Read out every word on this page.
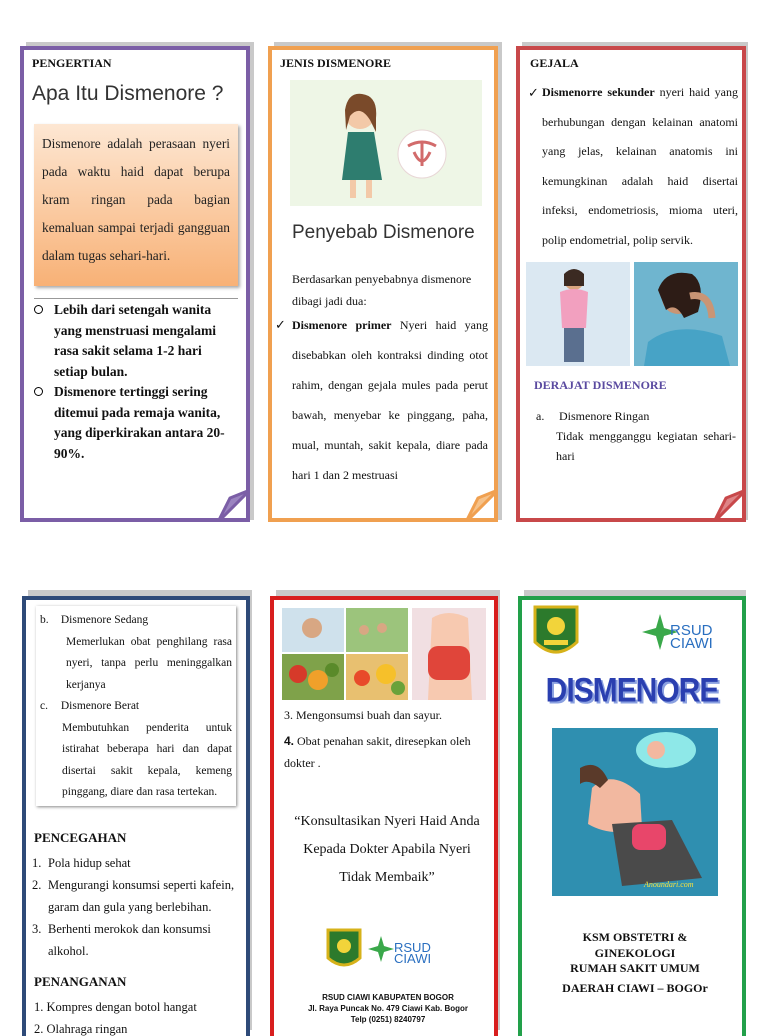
PENGERTIAN
Apa Itu Dismenore ?
Dismenore adalah perasaan nyeri pada waktu haid dapat berupa kram ringan pada bagian kemaluan sampai terjadi gangguan dalam tugas sehari-hari.
Lebih dari setengah wanita yang menstruasi mengalami rasa sakit selama 1-2 hari setiap bulan.
Dismenore tertinggi sering ditemui pada remaja wanita, yang diperkirakan antara 20-90%.
JENIS DISMENORE
Penyebab Dismenore
Berdasarkan penyebabnya dismenore dibagi jadi dua:
✓ Dismenore primer Nyeri haid yang disebabkan oleh kontraksi dinding otot rahim, dengan gejala mules pada perut bawah, menyebar ke pinggang, paha, mual, muntah, sakit kepala, diare pada hari 1 dan 2 mestruasi
GEJALA
✓ Dismenorre sekunder nyeri haid yang berhubungan dengan kelainan anatomi yang jelas, kelainan anatomis ini kemungkinan adalah haid disertai infeksi, endometriosis, mioma uteri, polip endometrial, polip servik.
DERAJAT DISMENORE
a. Dismenore Ringan
Tidak mengganggu kegiatan sehari-hari
b. Dismenore Sedang
Memerlukan obat penghilang rasa nyeri, tanpa perlu meninggalkan kerjanya
c. Dismenore Berat
Membutuhkan penderita untuk istirahat beberapa hari dan dapat disertai sakit kepala, kemeng pinggang, diare dan rasa tertekan.
PENCEGAHAN
1. Pola hidup sehat
2. Mengurangi konsumsi seperti kafein, garam dan gula yang berlebihan.
3. Berhenti merokok dan konsumsi alkohol.
PENANGANAN
1. Kompres dengan botol hangat
2. Olahraga ringan
3. Mengonsumsi buah dan sayur.
4. Obat penahan sakit, diresepkan oleh dokter .
“Konsultasikan Nyeri Haid Anda Kepada Dokter Apabila Nyeri Tidak Membaik”
RSUD CIAWI
RSUD CIAWI KABUPATEN BOGOR
Jl. Raya Puncak No. 479 Ciawi Kab. Bogor
Telp (0251) 8240797
RSUD CIAWI
DISMENORE
Anoundari.com
KSM OBSTETRI &
GINEKOLOGI
RUMAH SAKIT UMUM
DAERAH CIAWI – BOGOr
